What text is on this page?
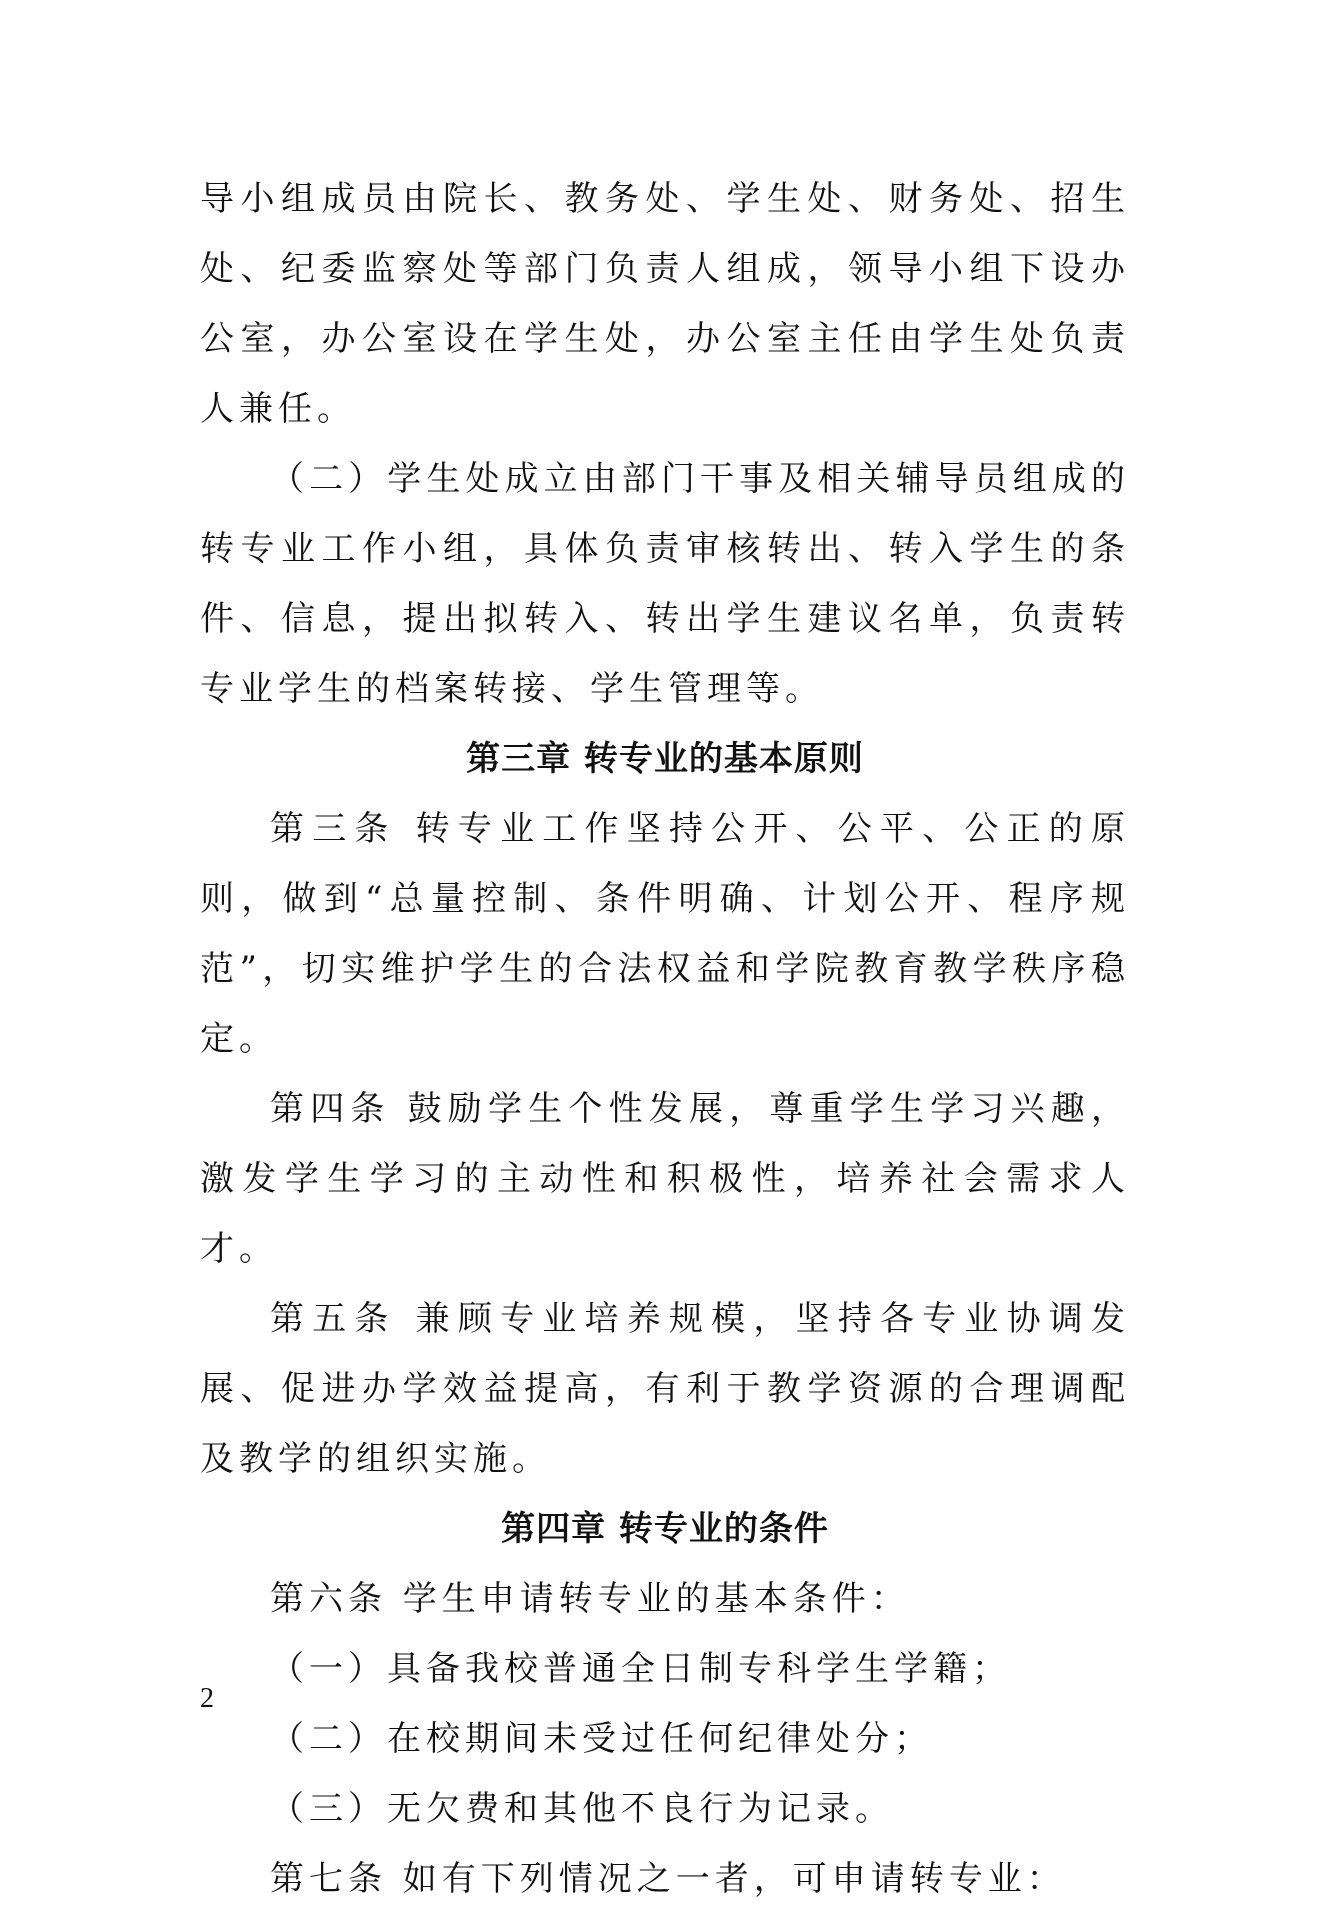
导小组成员由院长、教务处、学生处、财务处、招生处、纪委监察处等部门负责人组成，领导小组下设办公室，办公室设在学生处，办公室主任由学生处负责人兼任。

（二）学生处成立由部门干事及相关辅导员组成的转专业工作小组，具体负责审核转出、转入学生的条件、信息，提出拟转入、转出学生建议名单，负责转专业学生的档案转接、学生管理等。

第三章 转专业的基本原则

第三条 转专业工作坚持公开、公平、公正的原则，做到“总量控制、条件明确、计划公开、程序规范”，切实维护学生的合法权益和学院教育教学秩序稳定。

第四条 鼓励学生个性发展，尊重学生学习兴趣，激发学生学习的主动性和积极性，培养社会需求人才。

第五条 兼顾专业培养规模，坚持各专业协调发展、促进办学效益提高，有利于教学资源的合理调配及教学的组织实施。

第四章 转专业的条件

第六条 学生申请转专业的基本条件：

（一）具备我校普通全日制专科学生学籍；

（二）在校期间未受过任何纪律处分；

（三）无欠费和其他不良行为记录。

第七条 如有下列情况之一者，可申请转专业：

2
